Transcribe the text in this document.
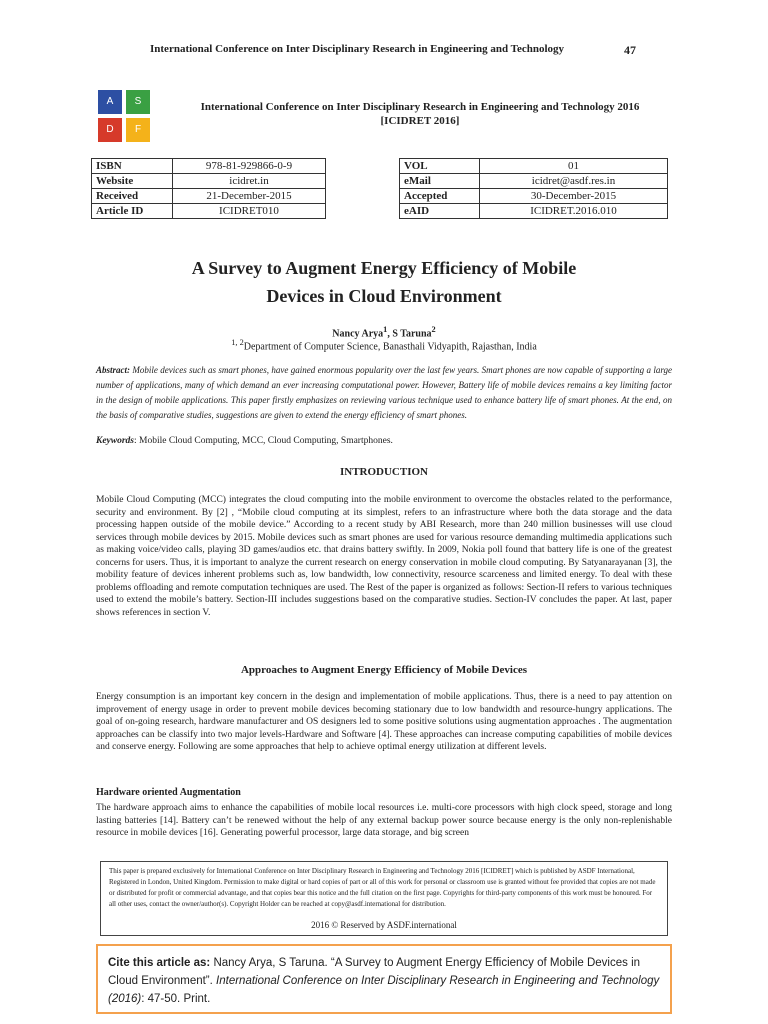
International Conference on Inter Disciplinary Research in Engineering and Technology	47
A	S
D	F
International Conference on Inter Disciplinary Research in Engineering and Technology 2016
[ICIDRET 2016]
ISBN	978-81-929866-0-9		VOL	01
Website	icidret.in		eMail	icidret@asdf.res.in
Received	21-December-2015		Accepted	30-December-2015
Article ID	ICIDRET010		eAID	ICIDRET.2016.010
A Survey to Augment Energy Efficiency of Mobile
Devices in Cloud Environment
Nancy Arya$^1$, S Taruna$^2$
$^{1, 2}$Department of Computer Science, Banasthali Vidyapith, Rajasthan, India
Abstract: Mobile devices such as smart phones, have gained enormous popularity over the last few years. Smart phones are now capable of supporting a large number of applications, many of which demand an ever increasing computational power. However, Battery life of mobile devices remains a key limiting factor in the design of mobile applications. This paper firstly emphasizes on reviewing various technique used to enhance battery life of smart phones. At the end, on the basis of comparative studies, suggestions are given to extend the energy efficiency of smart phones.
Keywords: Mobile Cloud Computing, MCC, Cloud Computing, Smartphones.
INTRODUCTION
Mobile Cloud Computing (MCC) integrates the cloud computing into the mobile environment to overcome the obstacles related to the performance, security and environment. By [2] , “Mobile cloud computing at its simplest, refers to an infrastructure where both the data storage and the data processing happen outside of the mobile device.” According to a recent study by ABI Research, more than 240 million businesses will use cloud services through mobile devices by 2015. Mobile devices such as smart phones are used for various resource demanding multimedia applications such as making voice/video calls, playing 3D games/audios etc. that drains battery swiftly. In 2009, Nokia poll found that battery life is one of the greatest concerns for users. Thus, it is important to analyze the current research on energy conservation in mobile cloud computing. By Satyanarayanan [3], the mobility feature of devices inherent problems such as, low bandwidth, low connectivity, resource scarceness and limited energy. To deal with these problems offloading and remote computation techniques are used. The Rest of the paper is organized as follows: Section-II refers to various techniques used to extend the mobile’s battery. Section-III includes suggestions based on the comparative studies. Section-IV concludes the paper. At last, paper shows references in section V.
Approaches to Augment Energy Efficiency of Mobile Devices
Energy consumption is an important key concern in the design and implementation of mobile applications. Thus, there is a need to pay attention on improvement of energy usage in order to prevent mobile devices becoming stationary due to low bandwidth and resource-hungry applications. The goal of on-going research, hardware manufacturer and OS designers led to some positive solutions using augmentation approaches . The augmentation approaches can be classify into two major levels-Hardware and Software [4]. These approaches can increase computing capabilities of mobile devices and conserve energy. Following are some approaches that help to achieve optimal energy utilization at different levels.
Hardware oriented Augmentation
The hardware approach aims to enhance the capabilities of mobile local resources i.e. multi-core processors with high clock speed, storage and long lasting batteries [14]. Battery can’t be renewed without the help of any external backup power source because energy is the only non-replenishable resource in mobile devices [16]. Generating powerful processor, large data storage, and big screen
This paper is prepared exclusively for International Conference on Inter Disciplinary Research in Engineering and Technology 2016 [ICIDRET] which is published by ASDF International, Registered in London, United Kingdom. Permission to make digital or hard copies of part or all of this work for personal or classroom use is granted without fee provided that copies are not made or distributed for profit or commercial advantage, and that copies bear this notice and the full citation on the first page. Copyrights for third-party components of this work must be honoured. For all other uses, contact the owner/author(s). Copyright Holder can be reached at copy@asdf.international for distribution.
2016 © Reserved by ASDF.international
Cite this article as: Nancy Arya, S Taruna. “A Survey to Augment Energy Efficiency of Mobile Devices in Cloud Environment”. International Conference on Inter Disciplinary Research in Engineering and Technology (2016): 47-50. Print.
